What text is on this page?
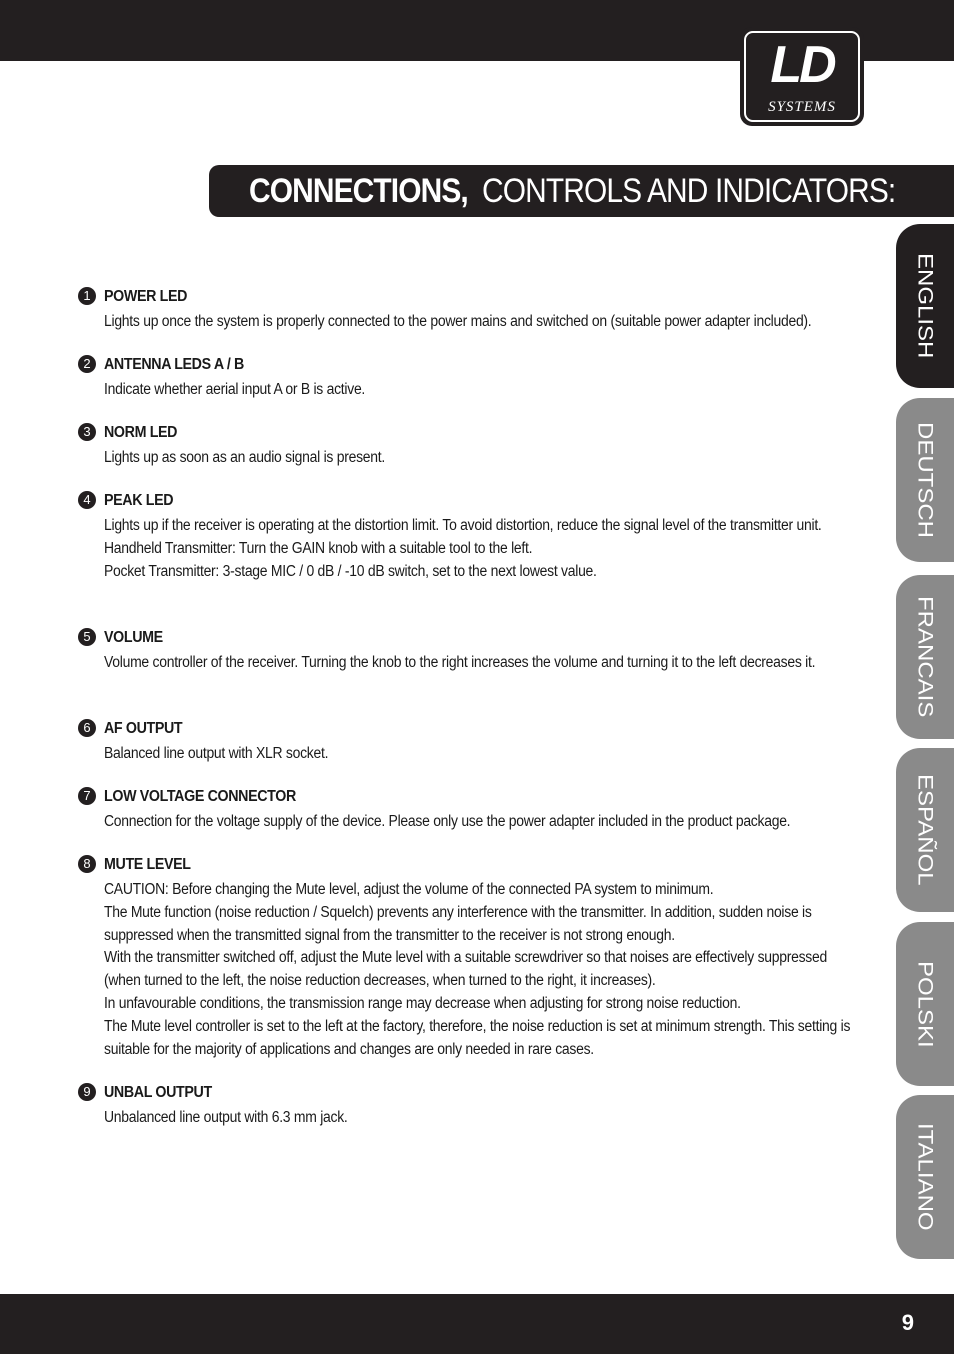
LD
SYSTEMS
CONNECTIONS, CONTROLS AND INDICATORS:
ENGLISH
DEUTSCH
FRANCAIS
ESPAÑOL
POLSKI
ITALIANO
1 POWER LED

Lights up once the system is properly connected to the power mains and switched on (suitable power adapter included).

2 ANTENNA LEDS A / B

Indicate whether aerial input A or B is active.

3 NORM LED

Lights up as soon as an audio signal is present.

4 PEAK LED

Lights up if the receiver is operating at the distortion limit. To avoid distortion, reduce the signal level of the transmitter unit.

Handheld Transmitter: Turn the GAIN knob with a suitable tool to the left.

Pocket Transmitter: 3-stage MIC / 0 dB / -10 dB switch, set to the next lowest value.

5 VOLUME

Volume controller of the receiver. Turning the knob to the right increases the volume and turning it to the left decreases it.

6 AF OUTPUT

Balanced line output with XLR socket.

7 LOW VOLTAGE CONNECTOR

Connection for the voltage supply of the device. Please only use the power adapter included in the product package.

8 MUTE LEVEL

CAUTION: Before changing the Mute level, adjust the volume of the connected PA system to minimum.

The Mute function (noise reduction / Squelch) prevents any interference with the transmitter. In addition, sudden noise is suppressed when the transmitted signal from the transmitter to the receiver is not strong enough.

With the transmitter switched off, adjust the Mute level with a suitable screwdriver so that noises are effectively suppressed (when turned to the left, the noise reduction decreases, when turned to the right, it increases).

In unfavourable conditions, the transmission range may decrease when adjusting for strong noise reduction.

The Mute level controller is set to the left at the factory, therefore, the noise reduction is set at minimum strength. This setting is suitable for the majority of applications and changes are only needed in rare cases.

9 UNBAL OUTPUT

Unbalanced line output with 6.3 mm jack.

9
